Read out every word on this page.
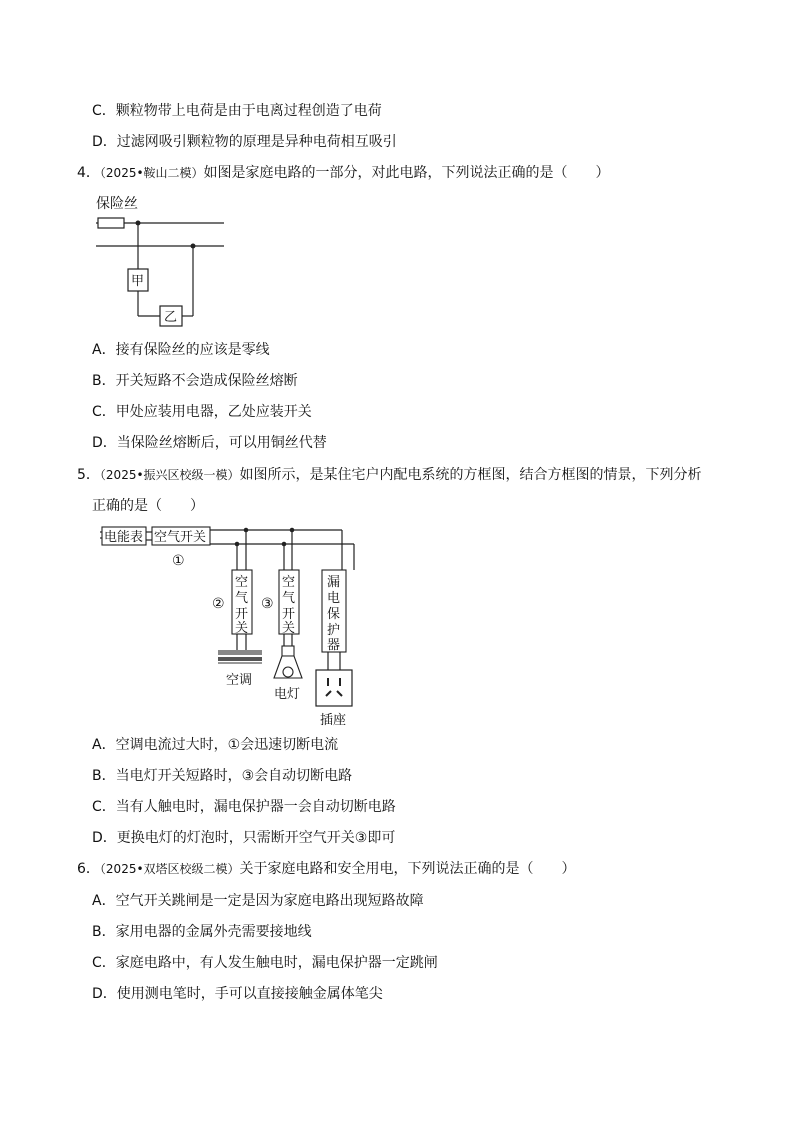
C．颗粒物带上电荷是由于电离过程创造了电荷
D．过滤网吸引颗粒物的原理是异种电荷相互吸引
4．（2025•鞍山二模）如图是家庭电路的一部分，对此电路，下列说法正确的是（　　）
保险丝
甲
乙
A．接有保险丝的应该是零线
B．开关短路不会造成保险丝熔断
C．甲处应装用电器，乙处应装开关
D．当保险丝熔断后，可以用铜丝代替
5．（2025•振兴区校级一模）如图所示，是某住宅户内配电系统的方框图，结合方框图的情景，下列分析
正确的是（　　）
电能表 空气开关
①
空气开关
②
空调
空气开关
③
电灯
漏电保护器
插座
A．空调电流过大时，①会迅速切断电流
B．当电灯开关短路时，③会自动切断电路
C．当有人触电时，漏电保护器一会自动切断电路
D．更换电灯的灯泡时，只需断开空气开关③即可
6．（2025•双塔区校级二模）关于家庭电路和安全用电，下列说法正确的是（　　）
A．空气开关跳闸是一定是因为家庭电路出现短路故障
B．家用电器的金属外壳需要接地线
C．家庭电路中，有人发生触电时，漏电保护器一定跳闸
D．使用测电笔时，手可以直接接触金属体笔尖
